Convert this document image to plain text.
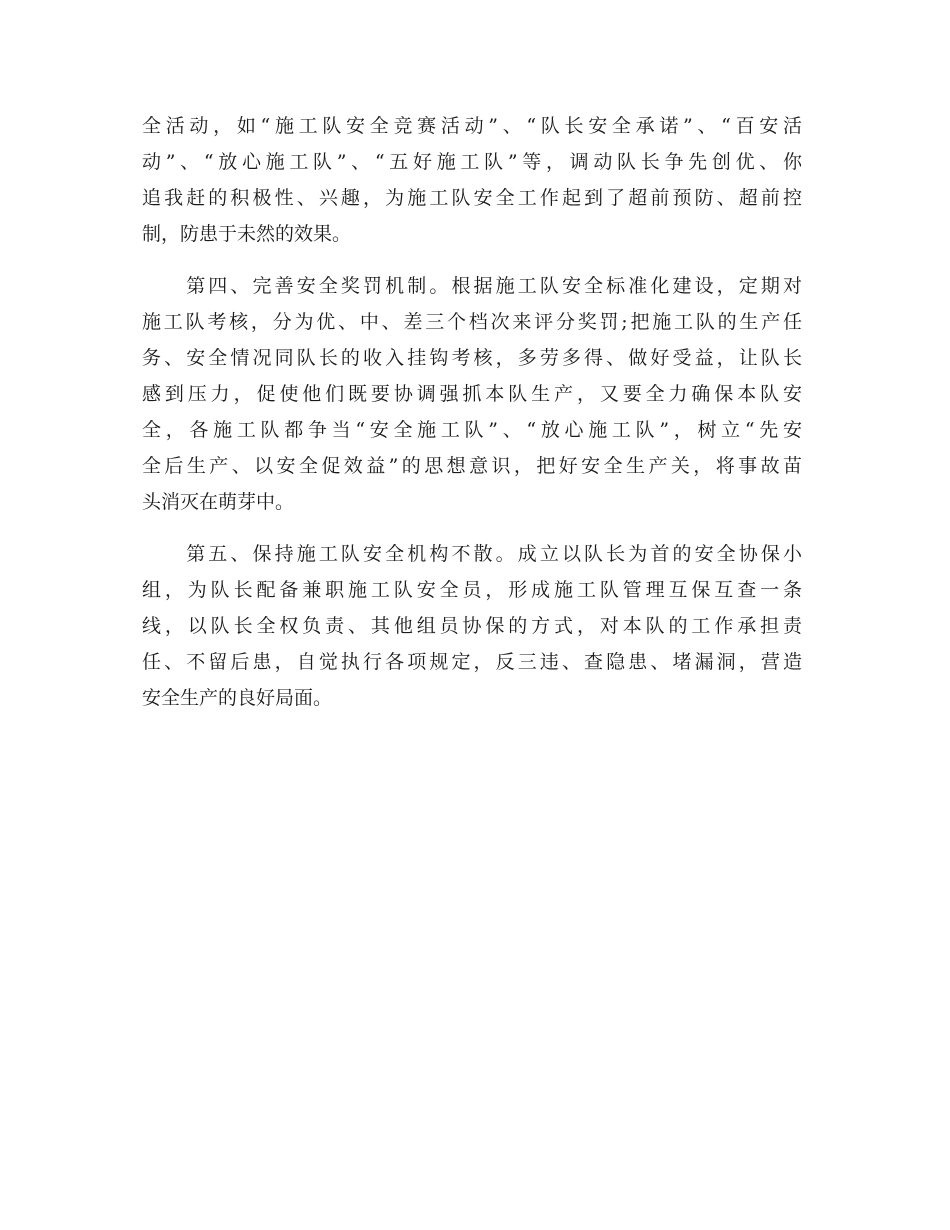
全活动，如“施工队安全竞赛活动”、“队长安全承诺”、“百安活
动”、“放心施工队”、“五好施工队”等，调动队长争先创优、你
追我赶的积极性、兴趣，为施工队安全工作起到了超前预防、超前控
制，防患于未然的效果。

　　第四、完善安全奖罚机制。根据施工队安全标准化建设，定期对
施工队考核，分为优、中、差三个档次来评分奖罚;把施工队的生产任
务、安全情况同队长的收入挂钩考核，多劳多得、做好受益，让队长
感到压力，促使他们既要协调强抓本队生产，又要全力确保本队安
全，各施工队都争当“安全施工队”、“放心施工队”，树立“先安
全后生产、以安全促效益”的思想意识，把好安全生产关，将事故苗
头消灭在萌芽中。

　　第五、保持施工队安全机构不散。成立以队长为首的安全协保小
组，为队长配备兼职施工队安全员，形成施工队管理互保互查一条
线，以队长全权负责、其他组员协保的方式，对本队的工作承担责
任、不留后患，自觉执行各项规定，反三违、查隐患、堵漏洞，营造
安全生产的良好局面。
